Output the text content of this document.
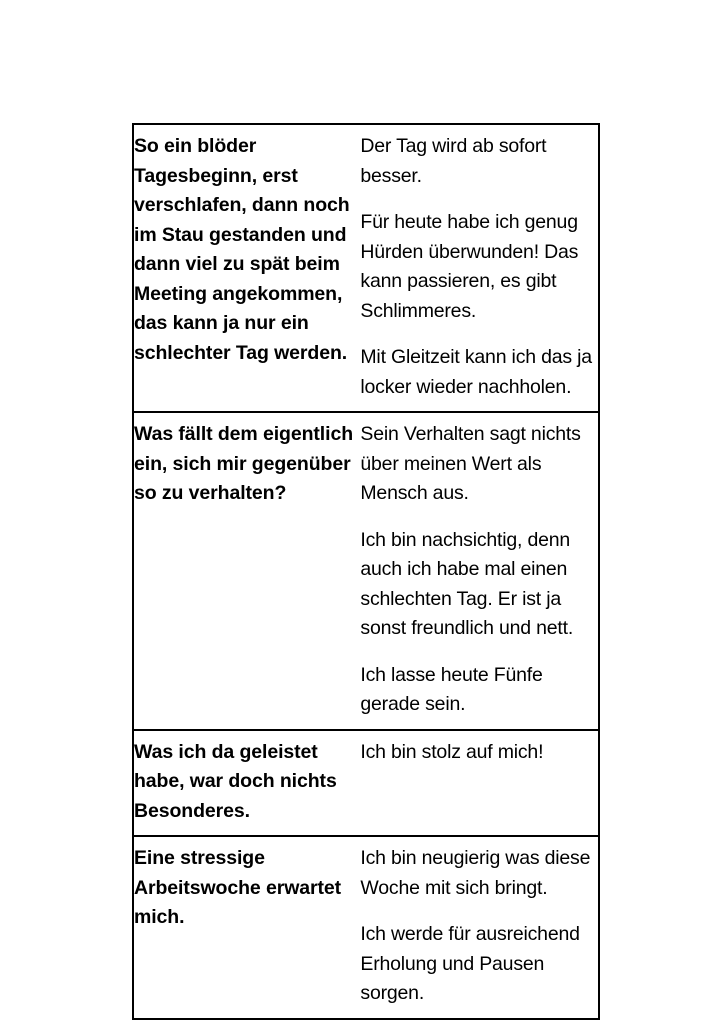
So ein blöder Tagesbeginn, erst verschlafen, dann noch im Stau gestanden und dann viel zu spät beim Meeting angekommen, das kann ja nur ein schlechter Tag werden.	Der Tag wird ab sofort besser.

Für heute habe ich genug Hürden überwunden! Das kann passieren, es gibt Schlimmeres.

Mit Gleitzeit kann ich das ja locker wieder nachholen.

Was fällt dem eigentlich ein, sich mir gegenüber so zu verhalten?	Sein Verhalten sagt nichts über meinen Wert als Mensch aus.

Ich bin nachsichtig, denn auch ich habe mal einen schlechten Tag. Er ist ja sonst freundlich und nett.

Ich lasse heute Fünfe gerade sein.

Was ich da geleistet habe, war doch nichts Besonderes.	Ich bin stolz auf mich!

Eine stressige Arbeitswoche erwartet mich.	Ich bin neugierig was diese Woche mit sich bringt.

Ich werde für ausreichend Erholung und Pausen sorgen.
